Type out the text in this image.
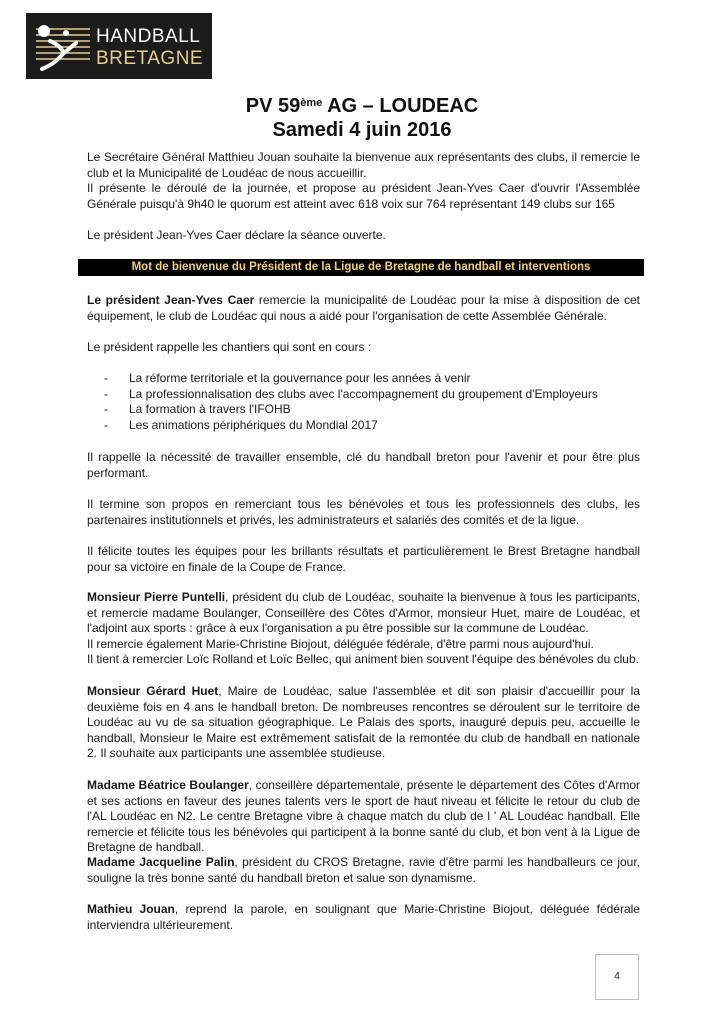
HANDBALL
BRETAGNE
PV 59ème AG – LOUDEAC
Samedi 4 juin 2016

Le Secrétaire Général Matthieu Jouan souhaite la bienvenue aux représentants des clubs, il remercie le club et la Municipalité de Loudéac de nous accueillir.

Il présente le déroulé de la journée, et propose au président Jean-Yves Caer d'ouvrir l'Assemblée Générale puisqu'à 9h40 le quorum est atteint avec 618 voix sur 764 représentant 149 clubs sur 165

Le président Jean-Yves Caer déclare la séance ouverte.

Mot de bienvenue du Président de la Ligue de Bretagne de handball et interventions
Le président Jean-Yves Caer remercie la municipalité de Loudéac pour la mise à disposition de cet équipement, le club de Loudéac qui nous a aidé pour l'organisation de cette Assemblée Générale.
Le président rappelle les chantiers qui sont en cours :
- La réforme territoriale et la gouvernance pour les années à venir
- La professionnalisation des clubs avec l'accompagnement du groupement d'Employeurs
- La formation à travers l'IFOHB
- Les animations périphériques du Mondial 2017
Il rappelle la nécessité de travailler ensemble, clé du handball breton pour l'avenir et pour être plus performant.
Il termine son propos en remerciant tous les bénévoles et tous les professionnels des clubs, les partenaires institutionnels et privés, les administrateurs et salariés des comités et de la ligue.
Il félicite toutes les équipes pour les brillants résultats et particulièrement le Brest Bretagne handball pour sa victoire en finale de la Coupe de France.
Monsieur Pierre Puntelli, président du club de Loudéac, souhaite la bienvenue à tous les participants, et remercie madame Boulanger, Conseillère des Côtes d'Armor, monsieur Huet, maire de Loudéac, et l'adjoint aux sports : grâce à eux l'organisation a pu être possible sur la commune de Loudéac.
Il remercie également Marie-Christine Biojout, déléguée fédérale, d'être parmi nous aujourd'hui.
Il tient à remercier Loïc Rolland et Loïc Bellec, qui animent bien souvent l'équipe des bénévoles du club.
Monsieur Gérard Huet, Maire de Loudéac, salue l'assemblée et dit son plaisir d'accueillir pour la deuxième fois en 4 ans le handball breton. De nombreuses rencontres se déroulent sur le territoire de Loudéac au vu de sa situation géographique. Le Palais des sports, inauguré depuis peu, accueille le handball, Monsieur le Maire est extrêmement satisfait de la remontée du club de handball en nationale 2. Il souhaite aux participants une assemblée studieuse.
Madame Béatrice Boulanger, conseillère départementale, présente le département des Côtes d'Armor et ses actions en faveur des jeunes talents vers le sport de haut niveau et félicite le retour du club de l'AL Loudéac en N2. Le centre Bretagne vibre à chaque match du club de l ' AL Loudéac handball. Elle remercie et félicite tous les bénévoles qui participent à la bonne santé du club, et bon vent à la Ligue de Bretagne de handball.
Madame Jacqueline Palin, président du CROS Bretagne, ravie d'être parmi les handballeurs ce jour, souligne la très bonne santé du handball breton et salue son dynamisme.
Mathieu Jouan, reprend la parole, en soulignant que Marie-Christine Biojout, déléguée fédérale interviendra ultérieurement.
4
